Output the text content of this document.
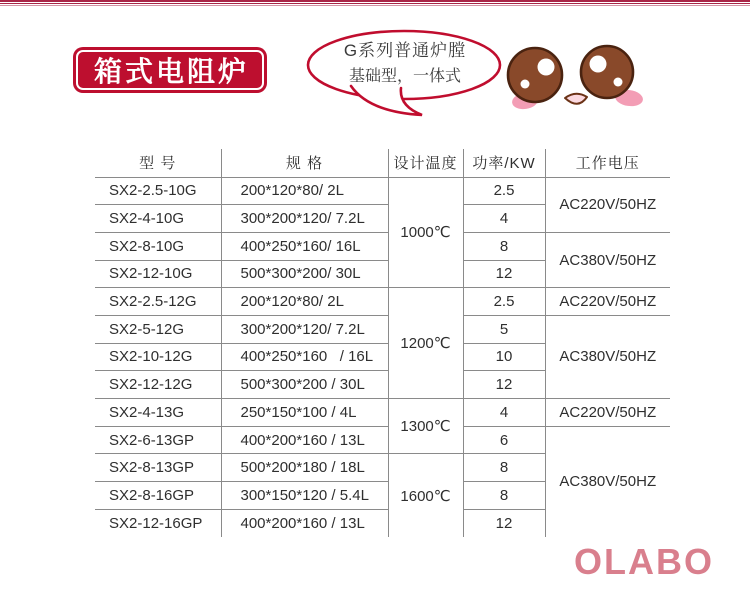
箱式电阻炉
G系列普通炉膛
基础型，一体式
型 号	规 格	设计温度	功率/KW	工作电压
SX2-2.5-10G	200*120*80/ 2L	1000℃	2.5	AC220V/50HZ
SX2-4-10G	300*200*120/ 7.2L		4	
SX2-8-10G	400*250*160/ 16L		8	AC380V/50HZ
SX2-12-10G	500*300*200/ 30L		12	
SX2-2.5-12G	200*120*80/ 2L	1200℃	2.5	AC220V/50HZ
SX2-5-12G	300*200*120/ 7.2L		5	AC380V/50HZ
SX2-10-12G	400*250*160   / 16L		10	
SX2-12-12G	500*300*200 / 30L		12	
SX2-4-13G	250*150*100 / 4L	1300℃	4	AC220V/50HZ
SX2-6-13GP	400*200*160 / 13L		6	AC380V/50HZ
SX2-8-13GP	500*200*180 / 18L	1600℃	8	
SX2-8-16GP	300*150*120 / 5.4L		8	
SX2-12-16GP	400*200*160 / 13L		12	
OLABO
